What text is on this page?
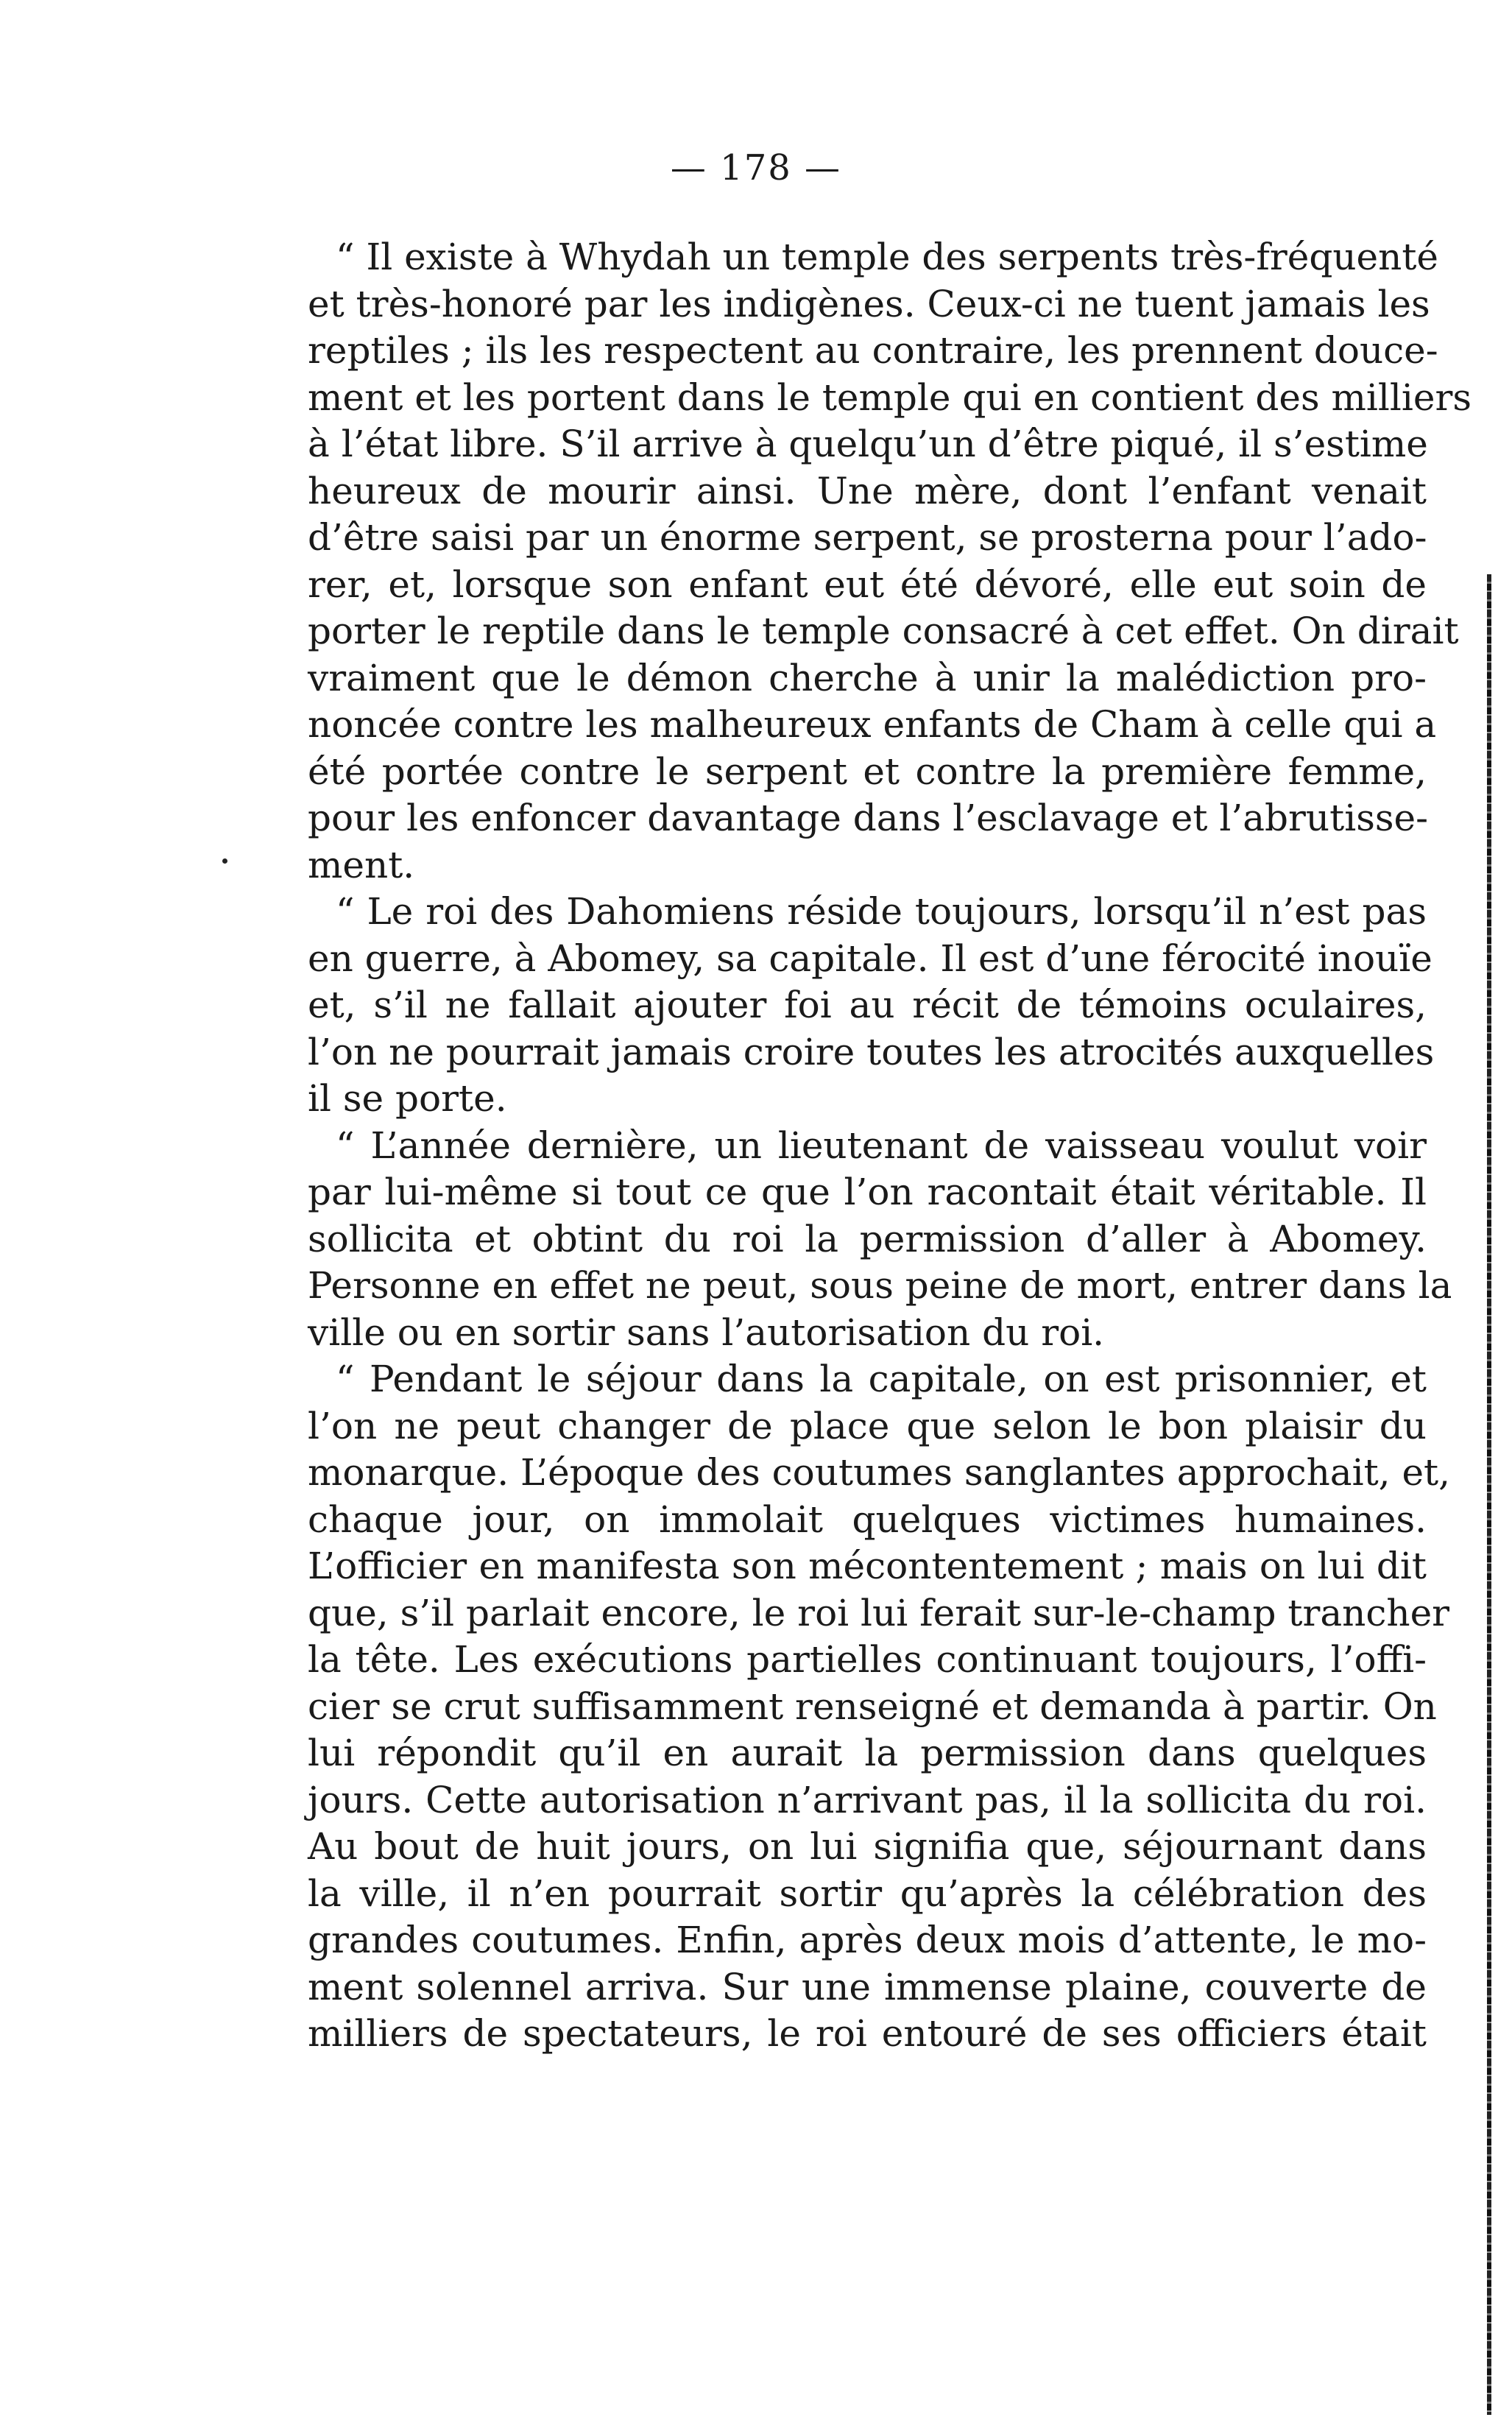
— 178 —
“ Il existe à Whydah un temple des serpents très-fréquenté
et très-honoré par les indigènes. Ceux-ci ne tuent jamais les
reptiles ; ils les respectent au contraire, les prennent douce-
ment et les portent dans le temple qui en contient des milliers
à l’état libre. S’il arrive à quelqu’un d’être piqué, il s’estime
heureux de mourir ainsi. Une mère, dont l’enfant venait
d’être saisi par un énorme serpent, se prosterna pour l’ado-
rer, et, lorsque son enfant eut été dévoré, elle eut soin de
porter le reptile dans le temple consacré à cet effet. On dirait
vraiment que le démon cherche à unir la malédiction pro-
noncée contre les malheureux enfants de Cham à celle qui a
été portée contre le serpent et contre la première femme,
pour les enfoncer davantage dans l’esclavage et l’abrutisse-
ment.
“ Le roi des Dahomiens réside toujours, lorsqu’il n’est pas
en guerre, à Abomey, sa capitale. Il est d’une férocité inouïe
et, s’il ne fallait ajouter foi au récit de témoins oculaires,
l’on ne pourrait jamais croire toutes les atrocités auxquelles
il se porte.
“ L’année dernière, un lieutenant de vaisseau voulut voir
par lui-même si tout ce que l’on racontait était véritable. Il
sollicita et obtint du roi la permission d’aller à Abomey.
Personne en effet ne peut, sous peine de mort, entrer dans la
ville ou en sortir sans l’autorisation du roi.
“ Pendant le séjour dans la capitale, on est prisonnier, et
l’on ne peut changer de place que selon le bon plaisir du
monarque. L’époque des coutumes sanglantes approchait, et,
chaque jour, on immolait quelques victimes humaines.
L’officier en manifesta son mécontentement ; mais on lui dit
que, s’il parlait encore, le roi lui ferait sur-le-champ trancher
la tête. Les exécutions partielles continuant toujours, l’offi-
cier se crut suffisamment renseigné et demanda à partir. On
lui répondit qu’il en aurait la permission dans quelques
jours. Cette autorisation n’arrivant pas, il la sollicita du roi.
Au bout de huit jours, on lui signifia que, séjournant dans
la ville, il n’en pourrait sortir qu’après la célébration des
grandes coutumes. Enfin, après deux mois d’attente, le mo-
ment solennel arriva. Sur une immense plaine, couverte de
milliers de spectateurs, le roi entouré de ses officiers était
